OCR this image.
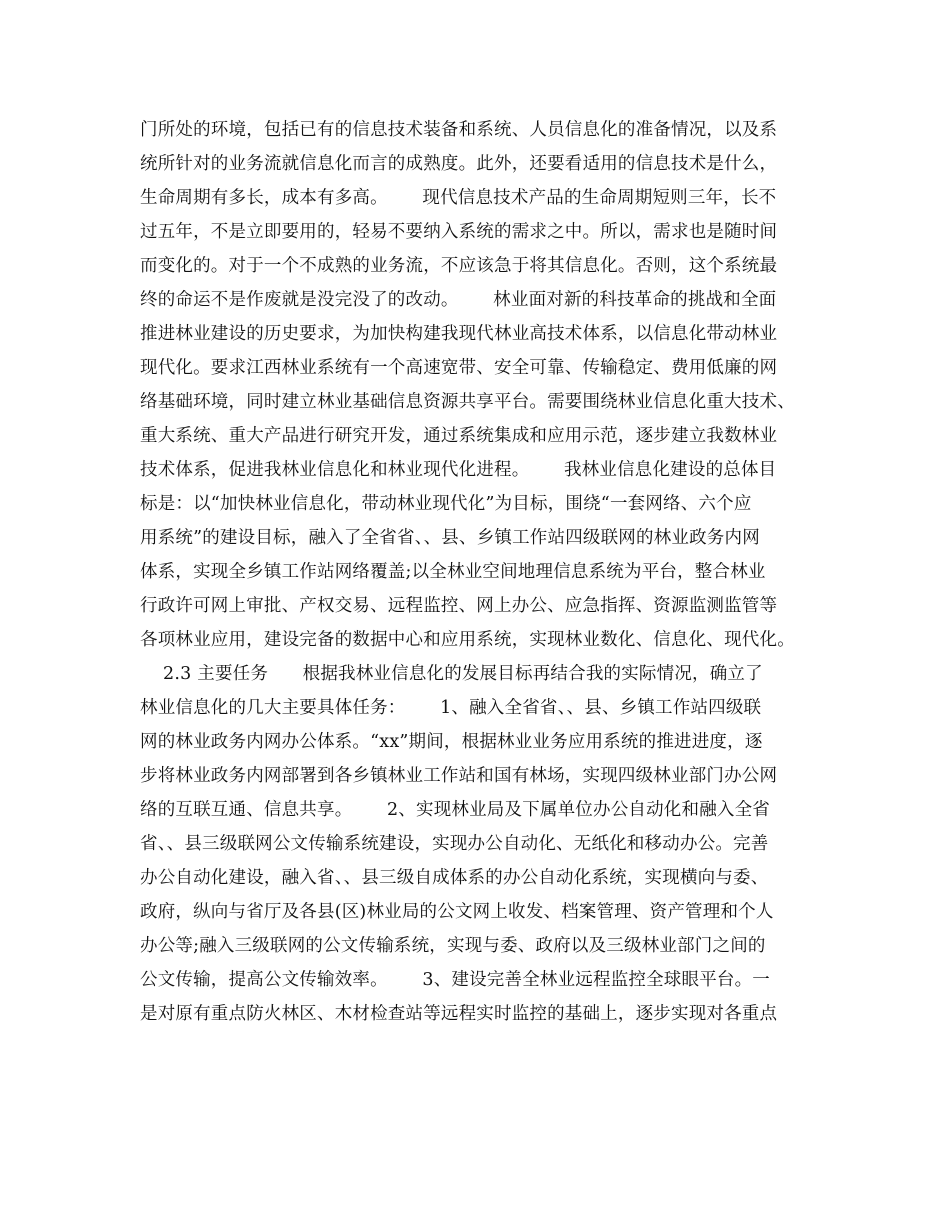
门所处的环境，包括已有的信息技术装备和系统、人员信息化的准备情况，以及系
统所针对的业务流就信息化而言的成熟度。此外，还要看适用的信息技术是什么，
生命周期有多长，成本有多高。      现代信息技术产品的生命周期短则三年，长不
过五年，不是立即要用的，轻易不要纳入系统的需求之中。所以，需求也是随时间
而变化的。对于一个不成熟的业务流，不应该急于将其信息化。否则，这个系统最
终的命运不是作废就是没完没了的改动。      林业面对新的科技革命的挑战和全面
推进林业建设的历史要求，为加快构建我现代林业高技术体系，以信息化带动林业
现代化。要求江西林业系统有一个高速宽带、安全可靠、传输稳定、费用低廉的网
络基础环境，同时建立林业基础信息资源共享平台。需要围绕林业信息化重大技术、
重大系统、重大产品进行研究开发，通过系统集成和应用示范，逐步建立我数林业
技术体系，促进我林业信息化和林业现代化进程。      我林业信息化建设的总体目
标是：以“加快林业信息化，带动林业现代化”为目标，围绕“一套网络、六个应
用系统”的建设目标，融入了全省省、、县、乡镇工作站四级联网的林业政务内网
体系，实现全乡镇工作站网络覆盖;以全林业空间地理信息系统为平台，整合林业
行政许可网上审批、产权交易、远程监控、网上办公、应急指挥、资源监测监管等
各项林业应用，建设完备的数据中心和应用系统，实现林业数化、信息化、现代化。
2.3 主要任务      根据我林业信息化的发展目标再结合我的实际情况，确立了
林业信息化的几大主要具体任务：      1、融入全省省、、县、乡镇工作站四级联
网的林业政务内网办公体系。“xx”期间，根据林业业务应用系统的推进进度，逐
步将林业政务内网部署到各乡镇林业工作站和国有林场，实现四级林业部门办公网
络的互联互通、信息共享。      2、实现林业局及下属单位办公自动化和融入全省
省、、县三级联网公文传输系统建设，实现办公自动化、无纸化和移动办公。完善
办公自动化建设，融入省、、县三级自成体系的办公自动化系统，实现横向与委、
政府，纵向与省厅及各县(区)林业局的公文网上收发、档案管理、资产管理和个人
办公等;融入三级联网的公文传输系统，实现与委、政府以及三级林业部门之间的
公文传输，提高公文传输效率。      3、建设完善全林业远程监控全球眼平台。一
是对原有重点防火林区、木材检查站等远程实时监控的基础上，逐步实现对各重点
